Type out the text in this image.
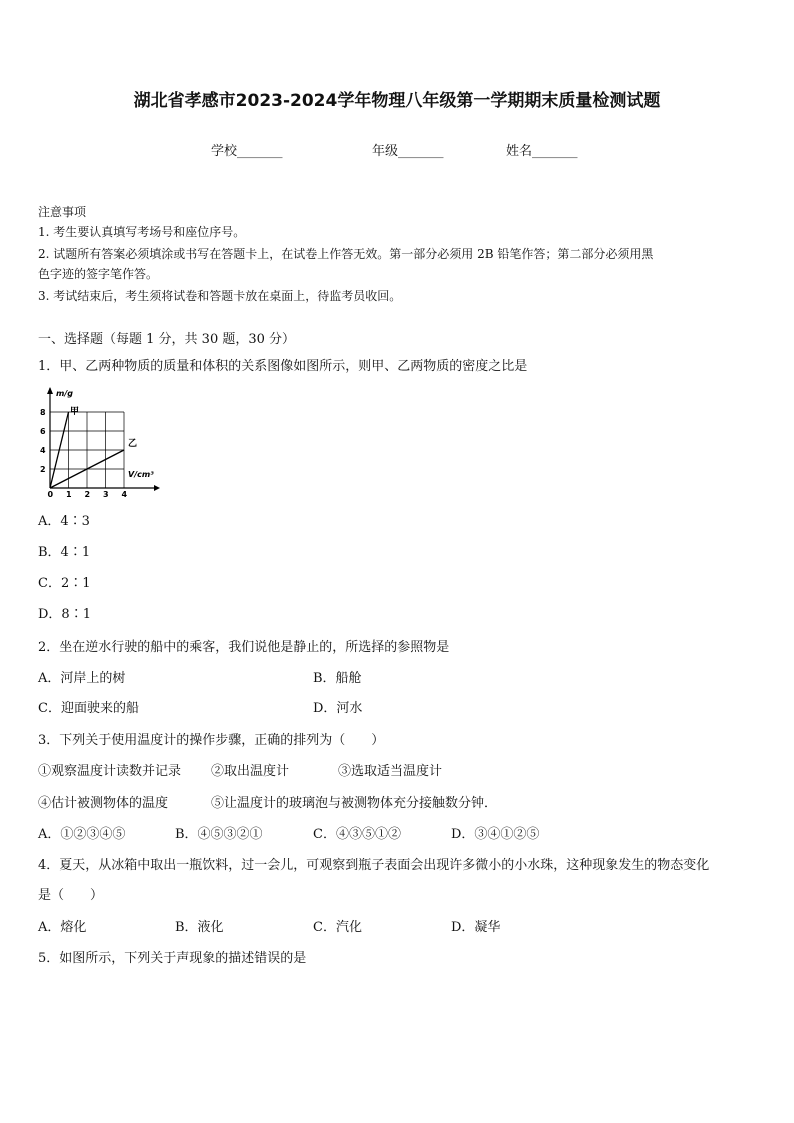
湖北省孝感市2023-2024学年物理八年级第一学期期末质量检测试题
学校_______	年级_______	姓名_______
注意事项
1. 考生要认真填写考场号和座位序号。
2. 试题所有答案必须填涂或书写在答题卡上，在试卷上作答无效。第一部分必须用 2B 铅笔作答；第二部分必须用黑
色字迹的签字笔作答。
3. 考试结束后，考生须将试卷和答题卡放在桌面上，待监考员收回。
一、选择题（每题 1 分，共 30 题，30 分）
1．甲、乙两种物质的质量和体积的关系图像如图所示，则甲、乙两物质的密度之比是
0 1 2 3 4
8
6
4
2
m/g
V/cm³
甲
乙
A．4∶3
B．4∶1
C．2∶1
D．8∶1
2．坐在逆水行驶的船中的乘客，我们说他是静止的，所选择的参照物是
A．河岸上的树	B．船舱
C．迎面驶来的船	D．河水
3．下列关于使用温度计的操作步骤，正确的排列为（　　）
①观察温度计读数并记录 ②取出温度计	③选取适当温度计
④估计被测物体的温度	⑤让温度计的玻璃泡与被测物体充分接触数分钟．
A．①②③④⑤	B．④⑤③②①	C．④③⑤①②	D．③④①②⑤
4．夏天，从冰箱中取出一瓶饮料，过一会儿，可观察到瓶子表面会出现许多微小的小水珠，这种现象发生的物态变化
是（　　）
A．熔化	B．液化	C．汽化	D．凝华
5．如图所示，下列关于声现象的描述错误的是
